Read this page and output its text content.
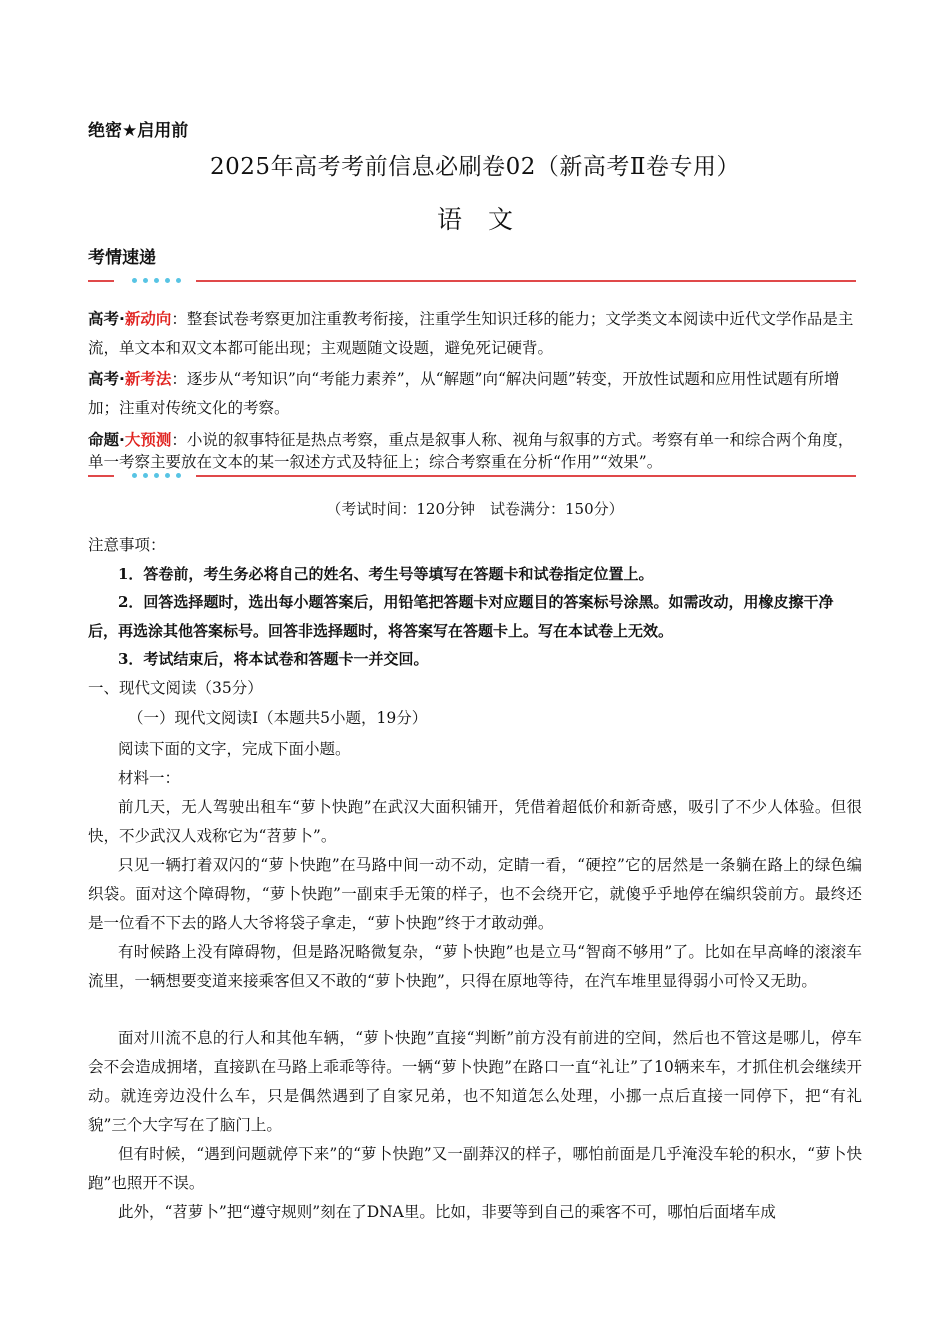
绝密★启用前
2025年高考考前信息必刷卷02（新高考Ⅱ卷专用）
语文
考情速递
高考·新动向：整套试卷考察更加注重教考衔接，注重学生知识迁移的能力；文学类文本阅读中近代文学作品是主流，单文本和双文本都可能出现；主观题随文设题，避免死记硬背。
高考·新考法：逐步从“考知识”向“考能力素养”，从“解题”向“解决问题”转变，开放性试题和应用性试题有所增加；注重对传统文化的考察。
命题·大预测：小说的叙事特征是热点考察，重点是叙事人称、视角与叙事的方式。考察有单一和综合两个角度，单一考察主要放在文本的某一叙述方式及特征上；综合考察重在分析“作用”“效果”。
（考试时间：120分钟　试卷满分：150分）
注意事项：
1．答卷前，考生务必将自己的姓名、考生号等填写在答题卡和试卷指定位置上。
2．回答选择题时，选出每小题答案后，用铅笔把答题卡对应题目的答案标号涂黑。如需改动，用橡皮擦干净后，再选涂其他答案标号。回答非选择题时，将答案写在答题卡上。写在本试卷上无效。
3．考试结束后，将本试卷和答题卡一并交回。
一、现代文阅读（35分）
（一）现代文阅读Ⅰ（本题共5小题，19分）
阅读下面的文字，完成下面小题。
材料一：
前几天，无人驾驶出租车“萝卜快跑”在武汉大面积铺开，凭借着超低价和新奇感，吸引了不少人体验。但很快，不少武汉人戏称它为“苕萝卜”。
只见一辆打着双闪的“萝卜快跑”在马路中间一动不动，定睛一看，“硬控”它的居然是一条躺在路上的绿色编织袋。面对这个障碍物，“萝卜快跑”一副束手无策的样子，也不会绕开它，就傻乎乎地停在编织袋前方。最终还是一位看不下去的路人大爷将袋子拿走，“萝卜快跑”终于才敢动弹。
有时候路上没有障碍物，但是路况略微复杂，“萝卜快跑”也是立马“智商不够用”了。比如在早高峰的滚滚车流里，一辆想要变道来接乘客但又不敢的“萝卜快跑”，只得在原地等待，在汽车堆里显得弱小可怜又无助。
面对川流不息的行人和其他车辆，“萝卜快跑”直接“判断”前方没有前进的空间，然后也不管这是哪儿，停车会不会造成拥堵，直接趴在马路上乖乖等待。一辆“萝卜快跑”在路口一直“礼让”了10辆来车，才抓住机会继续开动。就连旁边没什么车，只是偶然遇到了自家兄弟，也不知道怎么处理，小挪一点后直接一同停下，把“有礼貌”三个大字写在了脑门上。
但有时候，“遇到问题就停下来”的“萝卜快跑”又一副莽汉的样子，哪怕前面是几乎淹没车轮的积水，“萝卜快跑”也照开不误。
此外，“苕萝卜”把“遵守规则”刻在了DNA里。比如，非要等到自己的乘客不可，哪怕后面堵车成
